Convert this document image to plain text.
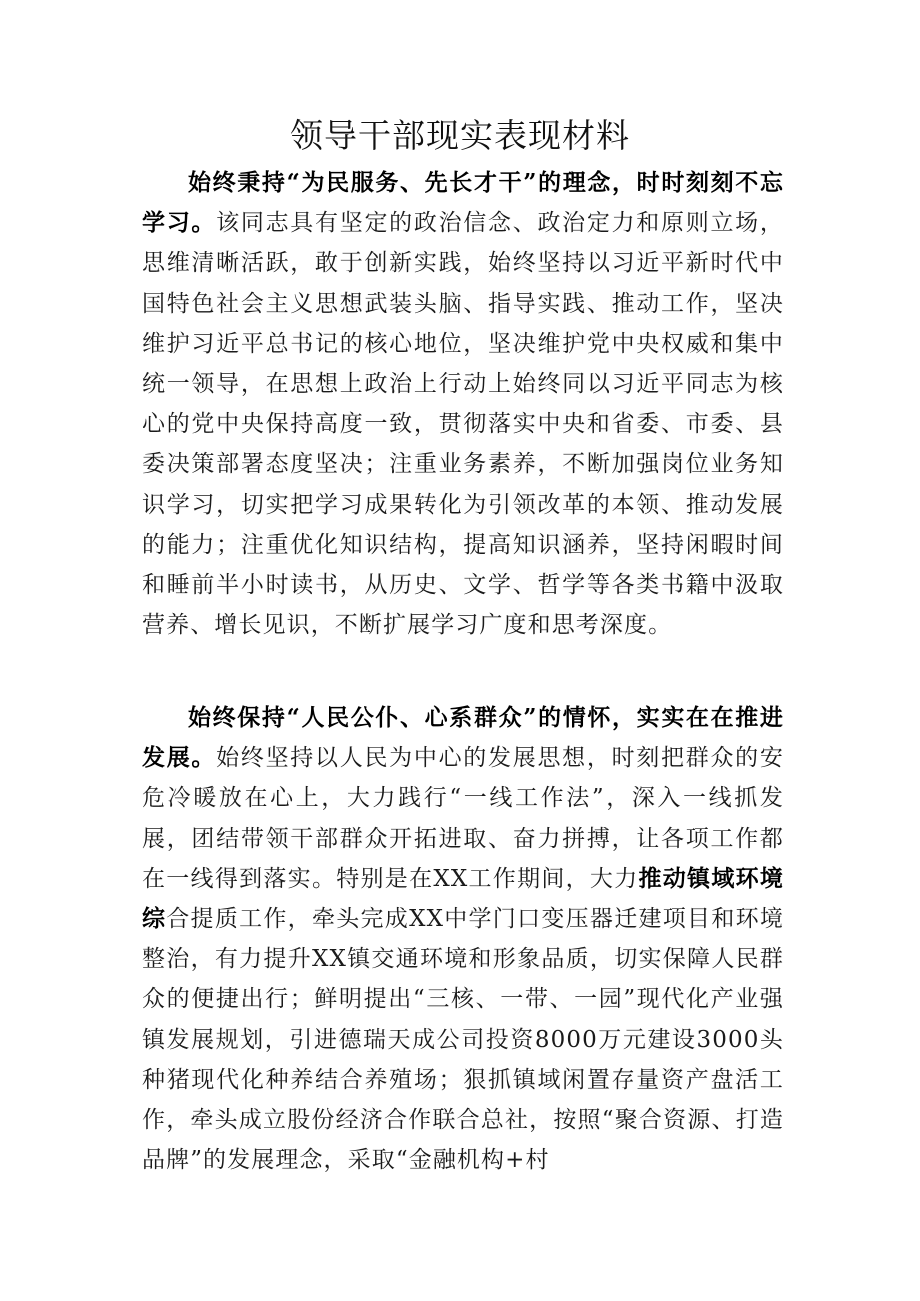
领导干部现实表现材料

始终秉持“为民服务、先长才干”的理念，时时刻刻不忘学习。该同志具有坚定的政治信念、政治定力和原则立场，思维清晰活跃，敢于创新实践，始终坚持以习近平新时代中国特色社会主义思想武装头脑、指导实践、推动工作，坚决维护习近平总书记的核心地位，坚决维护党中央权威和集中统一领导，在思想上政治上行动上始终同以习近平同志为核心的党中央保持高度一致，贯彻落实中央和省委、市委、县委决策部署态度坚决；注重业务素养，不断加强岗位业务知识学习，切实把学习成果转化为引领改革的本领、推动发展的能力；注重优化知识结构，提高知识涵养，坚持闲暇时间和睡前半小时读书，从历史、文学、哲学等各类书籍中汲取营养、增长见识，不断扩展学习广度和思考深度。

始终保持“人民公仆、心系群众”的情怀，实实在在推进发展。始终坚持以人民为中心的发展思想，时刻把群众的安危冷暖放在心上，大力践行“一线工作法”，深入一线抓发展，团结带领干部群众开拓进取、奋力拼搏，让各项工作都在一线得到落实。特别是在XX工作期间，大力推动镇域环境综合提质工作，牵头完成XX中学门口变压器迁建项目和环境整治，有力提升XX镇交通环境和形象品质，切实保障人民群众的便捷出行；鲜明提出“三核、一带、一园”现代化产业强镇发展规划，引进德瑞天成公司投资8000万元建设3000头种猪现代化种养结合养殖场；狠抓镇域闲置存量资产盘活工作，牵头成立股份经济合作联合总社，按照“聚合资源、打造品牌”的发展理念，采取“金融机构+村
